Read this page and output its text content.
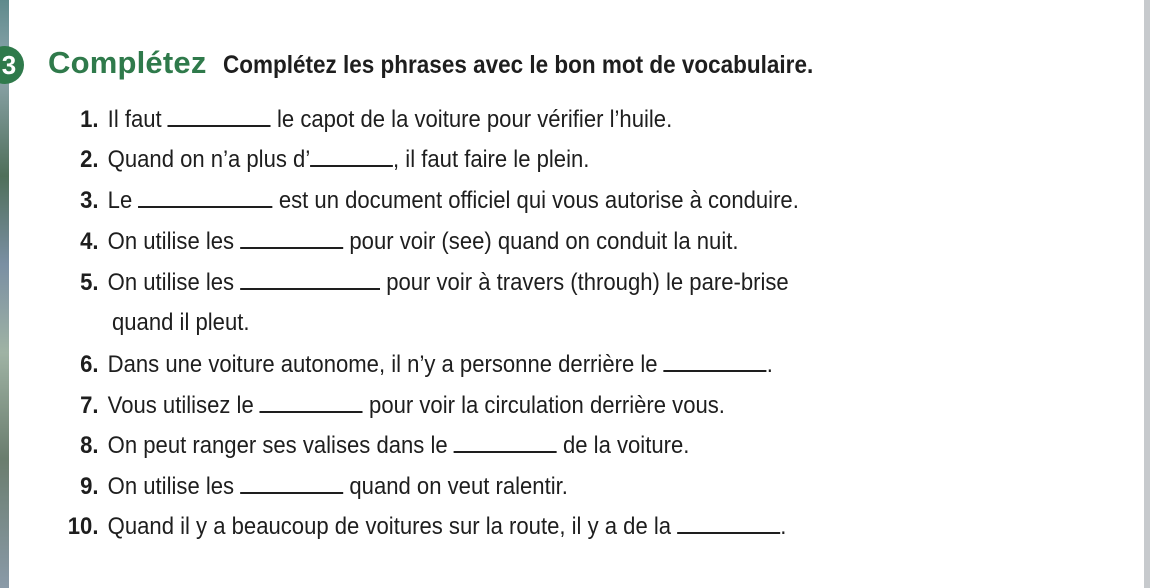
3 Complétez Complétez les phrases avec le bon mot de vocabulaire.
1. Il faut	le capot de la voiture pour vérifier l’huile.
2. Quand on n’a plus d’	, il faut faire le plein.
3. Le	est un document officiel qui vous autorise à conduire.
4. On utilise les	pour voir (see) quand on conduit la nuit.
5. On utilise les	pour voir à travers (through) le pare-brise
quand il pleut.
6. Dans une voiture autonome, il n’y a personne derrière le	.
7. Vous utilisez le	pour voir la circulation derrière vous.
8. On peut ranger ses valises dans le	de la voiture.
9. On utilise les	quand on veut ralentir.
10. Quand il y a beaucoup de voitures sur la route, il y a de la	.
